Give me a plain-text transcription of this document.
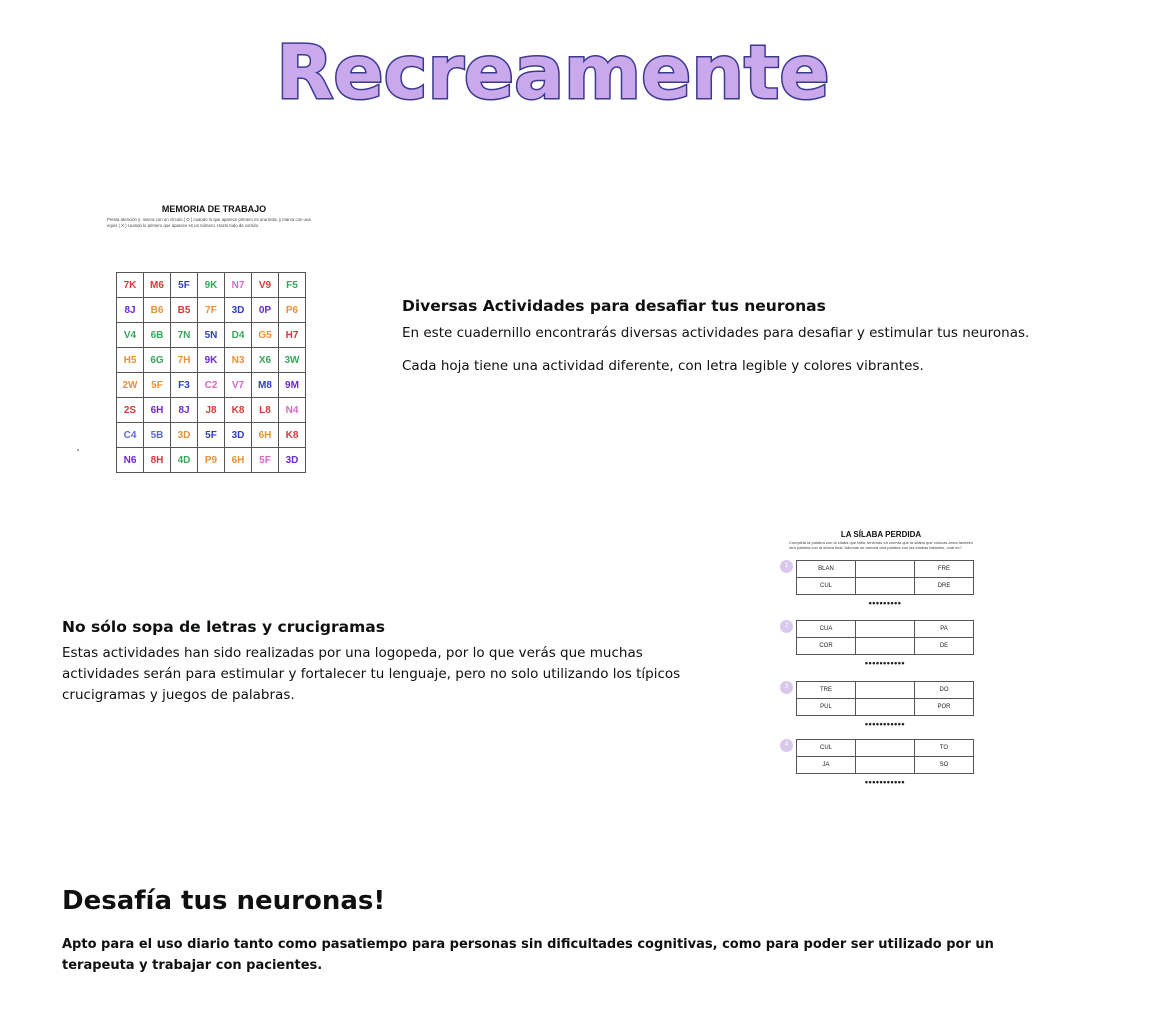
Recreamente
MEMORIA DE TRABAJO
Presta atención y: marca con un círculo ( O ) cuando lo que aparece primero es una letra, y marca con una equis ( X ) cuando lo primero que aparece es un número. Hazlo todo de corrido.
7K	M6	5F	9K	N7	V9	F5
8J	B6	B5	7F	3D	0P	P6
V4	6B	7N	5N	D4	G5	H7
H5	6G	7H	9K	N3	X6	3W
2W	5F	F3	C2	V7	M8	9M
2S	6H	8J	J8	K8	L8	N4
C4	5B	3D	5F	3D	6H	K8
N6	8H	4D	P9	6H	5F	3D
Diversas Actividades para desafiar tus neuronas

En este cuadernillo encontrarás diversas actividades para desafiar y estimular tus neuronas.

Cada hoja tiene una actividad diferente, con letra legible y colores vibrantes.

No sólo sopa de letras y crucigramas

Estas actividades han sido realizadas por una logopeda, por lo que verás que muchas actividades serán para estimular y fortalecer tu lenguaje, pero no solo utilizando los típicos crucigramas y juegos de palabras.

LA SÍLABA PERDIDA
Completa la palabra con la sílaba que falta, teniendo en cuenta que la sílaba que colocas arma también otra palabra con la sílaba final. Además se armará otra palabra con las sílabas faltantes, cuál es?
1	BLAN		FRE
CUL		DRE
•••••••••
2	CUA		PA
COR		DE
•••••••••••
3	TRE		DO
PUL		POR
•••••••••••
4	CUL		TO
JA		SO
•••••••••••
Desafía tus neuronas!

Apto para el uso diario tanto como pasatiempo para personas sin dificultades cognitivas, como para poder ser utilizado por un terapeuta y trabajar con pacientes.
